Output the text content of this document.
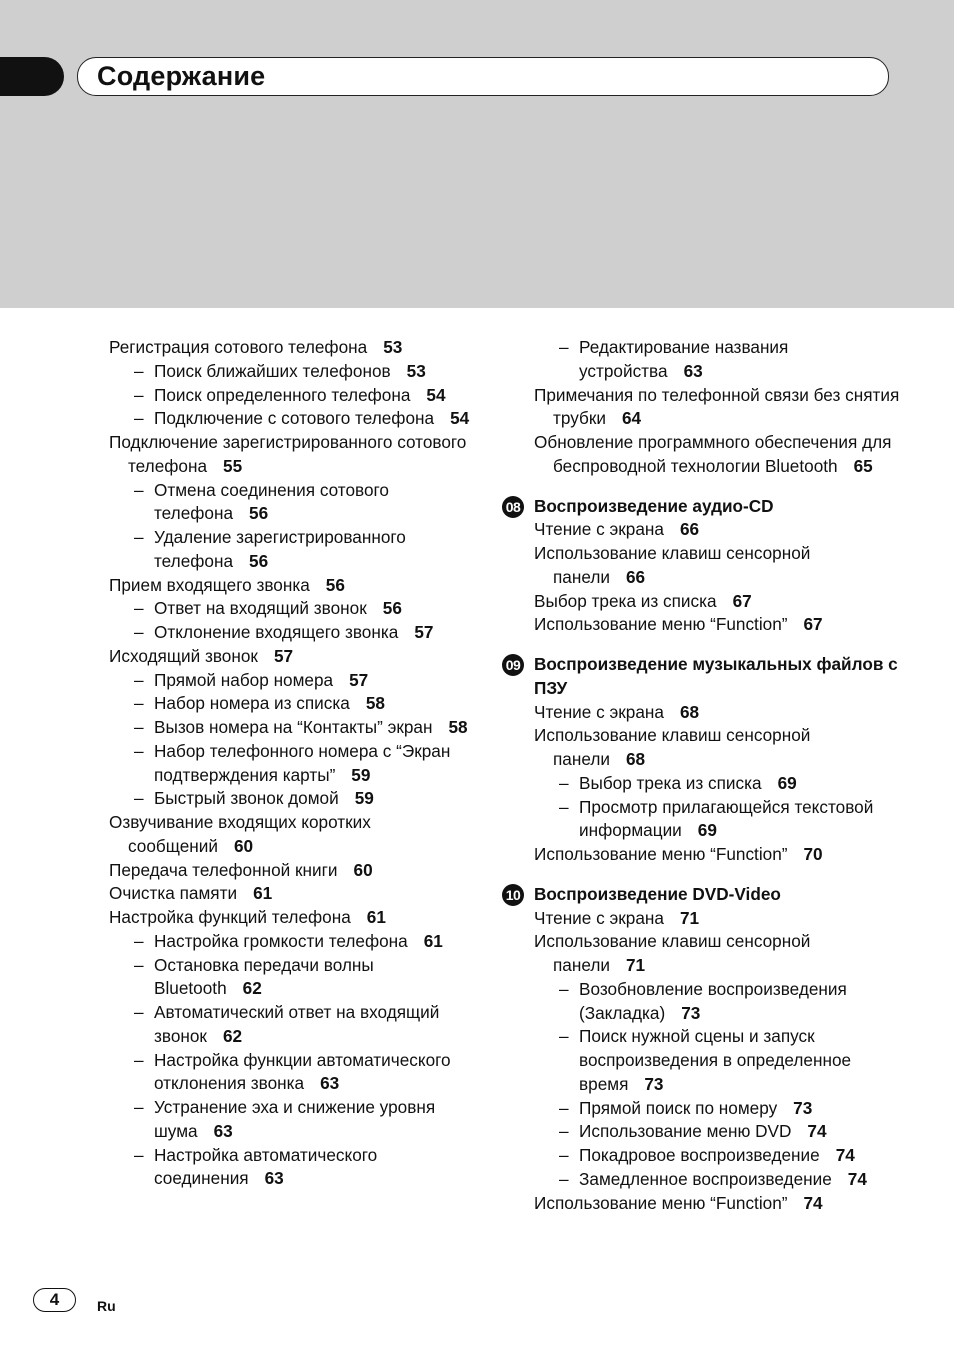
Содержание
Регистрация сотового телефона 53
– Поиск ближайших телефонов 53
– Поиск определенного телефона 54
– Подключение с сотового телефона 54
Подключение зарегистрированного сотового телефона 55
– Отмена соединения сотового телефона 56
– Удаление зарегистрированного телефона 56
Прием входящего звонка 56
– Ответ на входящий звонок 56
– Отклонение входящего звонка 57
Исходящий звонок 57
– Прямой набор номера 57
– Набор номера из списка 58
– Вызов номера на “Контакты” экран 58
– Набор телефонного номера с “Экран подтверждения карты” 59
– Быстрый звонок домой 59
Озвучивание входящих коротких сообщений 60
Передача телефонной книги 60
Очистка памяти 61
Настройка функций телефона 61
– Настройка громкости телефона 61
– Остановка передачи волны Bluetooth 62
– Автоматический ответ на входящий звонок 62
– Настройка функции автоматического отклонения звонка 63
– Устранение эха и снижение уровня шума 63
– Настройка автоматического соединения 63
– Редактирование названия устройства 63
Примечания по телефонной связи без снятия трубки 64
Обновление программного обеспечения для беспроводной технологии Bluetooth 65
08 Воспроизведение аудио-CD
Чтение с экрана 66
Использование клавиш сенсорной панели 66
Выбор трека из списка 67
Использование меню “Function” 67
09 Воспроизведение музыкальных файлов с ПЗУ
Чтение с экрана 68
Использование клавиш сенсорной панели 68
– Выбор трека из списка 69
– Просмотр прилагающейся текстовой информации 69
Использование меню “Function” 70
10 Воспроизведение DVD-Video
Чтение с экрана 71
Использование клавиш сенсорной панели 71
– Возобновление воспроизведения (Закладка) 73
– Поиск нужной сцены и запуск воспроизведения в определенное время 73
– Прямой поиск по номеру 73
– Использование меню DVD 74
– Покадровое воспроизведение 74
– Замедленное воспроизведение 74
Использование меню “Function” 74
4	Ru
